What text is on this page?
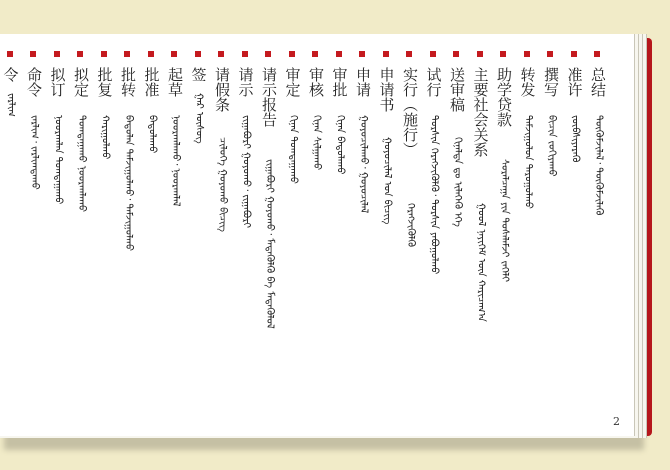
总结
ᠳᠦᠭᠦᠮᠵᠢᠯᠡᠯ᠂ ᠳᠦᠭᠦᠮᠵᠢᠯᠡᠬᠦ
准许
ᠵᠥᠪᠰᠢᠶᠡᠷᠡᠬᠦ
撰写
ᠪᠢᠴᠢᠨ ᠵᠣᠬᠢᠶᠠᠬᠤ
转发
ᠳᠠᠮᠵᠢᠭᠤᠯᠤᠨ ᠳᠠᠷᠤᠭᠤᠯᠬᠤ
助学贷款
ᠰᠤᠷᠠᠯᠴᠠᠭᠠ ᠶᠢᠨ ᠲᠤᠰᠠᠯᠠᠮᠵᠢ ᠵᠡᠭᠡᠯᠢ
主要社会关系
ᠭᠣᠣᠯ ᠨᠡᠶᠢᠭᠡᠮ ᠦᠨ ᠬᠠᠷᠢᠴᠠᠭ᠎ᠠ
送审稿
ᠬᠢᠨᠠᠯᠲᠠ ᠳᠤ ᠢᠯᠡᠭᠡᠬᠦ ᠡᠬᠡ
试行
ᠲᠤᠷᠰᠢᠨ ᠬᠡᠷᠡᠭᠵᠢᠭᠦᠯᠬᠦ᠂ ᠲᠤᠷᠰᠢᠨ ᠶᠠᠪᠤᠭᠤᠯᠬᠤ
实行（施行）
ᠬᠡᠷᠡᠭᠵᠢᠭᠦᠯᠬᠦ
申请书
ᠭᠣᠶᠤᠴᠢᠯᠠᠯ ᠤᠨ ᠪᠢᠴᠢᠭ
申请
ᠭᠣᠶᠤᠴᠢᠯᠠᠬᠤ᠂ ᠭᠣᠶᠤᠴᠢᠯᠠᠯ
审批
ᠬᠢᠨᠠᠨ ᠪᠠᠲᠤᠯᠠᠬᠤ
审核
ᠬᠢᠨᠠᠨ ᠰᠢᠯᠭᠠᠬᠤ
审定
ᠬᠢᠨᠠᠨ ᠲᠣᠭᠲᠠᠭᠠᠬᠤ
请示报告
ᠵᠢᠭᠠᠪᠤᠷᠢ ᠭᠤᠶᠤᠬᠤ᠂ ᠮᠡᠳᠡᠭᠦᠯᠬᠦ ᠪᠠ ᠮᠡᠳᠡᠭᠦᠯᠦᠯ
请示
ᠵᠢᠭᠠᠪᠤᠷᠢ ᠭᠤᠶᠤᠬᠤ᠂ ᠵᠢᠭᠠᠪᠤᠷᠢ
请假条
ᠴᠢᠯᠦᠭᠡ ᠭᠤᠶᠤᠬᠤ ᠪᠢᠴᠢᠭ
签
ᠭᠠᠷ ᠦᠰᠦᠭ
起草
ᠨᠣᠣᠷᠠᠭᠯᠠᠬᠤ᠂ ᠨᠣᠣᠷᠠᠭᠯᠠᠯ
批准
ᠪᠠᠲᠤᠯᠠᠬᠤ
批转
ᠪᠠᠲᠤᠯᠠᠨ ᠳᠠᠮᠵᠢᠭᠤᠯᠬᠤ᠂ ᠳᠠᠮᠵᠢᠭᠤᠯᠬᠤ
批复
ᠬᠠᠷᠢᠭᠤᠯᠬᠤ
拟定
ᠲᠣᠭᠲᠠᠭᠠᠬᠤ ᠨᠣᠣᠷᠠᠭᠯᠠᠬᠤ
拟订
ᠨᠣᠣᠷᠠᠭᠯᠠᠨ ᠲᠣᠭᠲᠠᠭᠠᠬᠤ
命令
ᠵᠠᠷᠯᠢᠭ᠂ ᠵᠠᠷᠯᠢᠭᠳᠠᠬᠤ
令
ᠵᠠᠷᠯᠢᠭ
2
